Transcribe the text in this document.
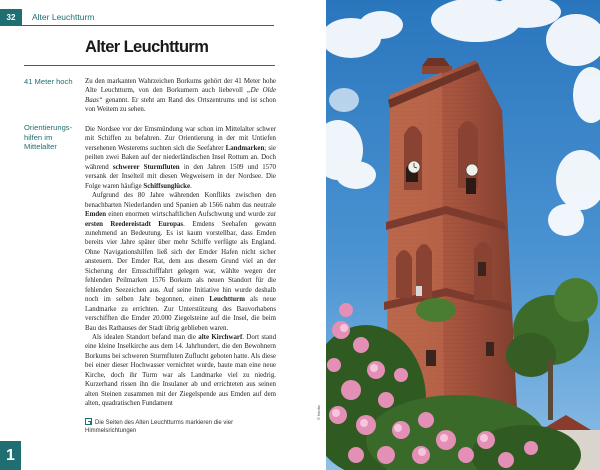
32	Alter Leuchtturm
Alter Leuchtturm
41 Meter hoch
Orientierungs-hilfen im Mittelalter

Zu den markanten Wahrzeichen Borkums gehört der 41 Meter hohe Alte Leuchtturm, von den Borkumern auch liebevoll „De Olde Baas“ genannt. Er steht am Rand des Ortszentrums und ist schon von Weitem zu sehen.

Die Nordsee vor der Emsmündung war schon im Mittelalter schwer mit Schiffen zu befahren. Zur Orientierung in der mit Untiefen versehenen Westerems suchten sich die Seefahrer Landmarken; sie peilten zwei Baken auf der niederländischen Insel Rottum an. Doch während schwerer Sturmfluten in den Jahren 1509 und 1570 versank der Inselteil mit diesen Wegweisern in der Nordsee. Die Folge waren häufige Schiffsunglücke.

Aufgrund des 80 Jahre währenden Konflikts zwischen den benachbarten Niederlanden und Spanien ab 1566 nahm das neutrale Emden einen enormen wirtschaftlichen Aufschwung und wurde zur ersten Reedereistadt Europas. Emdens Seehafen gewann zunehmend an Bedeutung. Es ist kaum vorstellbar, dass Emden bereits vier Jahre später über mehr Schiffe verfügte als England. Ohne Navigationshilfen ließ sich der Emder Hafen nicht sicher ansteuern. Der Emder Rat, dem aus diesem Grund viel an der Sicherung der Emsschifffahrt gelegen war, wählte wegen der fehlenden Peilmarken 1576 Borkum als neuen Standort für die fehlenden Seezeichen aus. Auf seine Initiative hin wurde deshalb noch im selben Jahr begonnen, einen Leuchtturm als neue Landmarke zu errichten. Zur Unterstützung des Bauvorhabens verschifften die Emder 20.000 Ziegelsteine auf die Insel, die beim Bau des Rathauses der Stadt übrig geblieben waren.

Als idealen Standort befand man die alte Kirchwarf. Dort stand eine kleine Inselkirche aus dem 14. Jahrhundert, die den Bewohnern Borkums bei schweren Sturmfluten Zuflucht geboten hatte. Als diese bei einer dieser Hochwasser vernichtet wurde, baute man eine neue Kirche, doch ihr Turm war als Landmarke viel zu niedrig. Kurzerhand rissen ihn die Insulaner ab und errichteten aus seinen alten Steinen zusammen mit der Ziegelspende aus Emden auf dem alten, quadratischen Fundament

Die Seiten des Alten Leuchtturms markieren die vier Himmelsrichtungen
1
© fotolia
